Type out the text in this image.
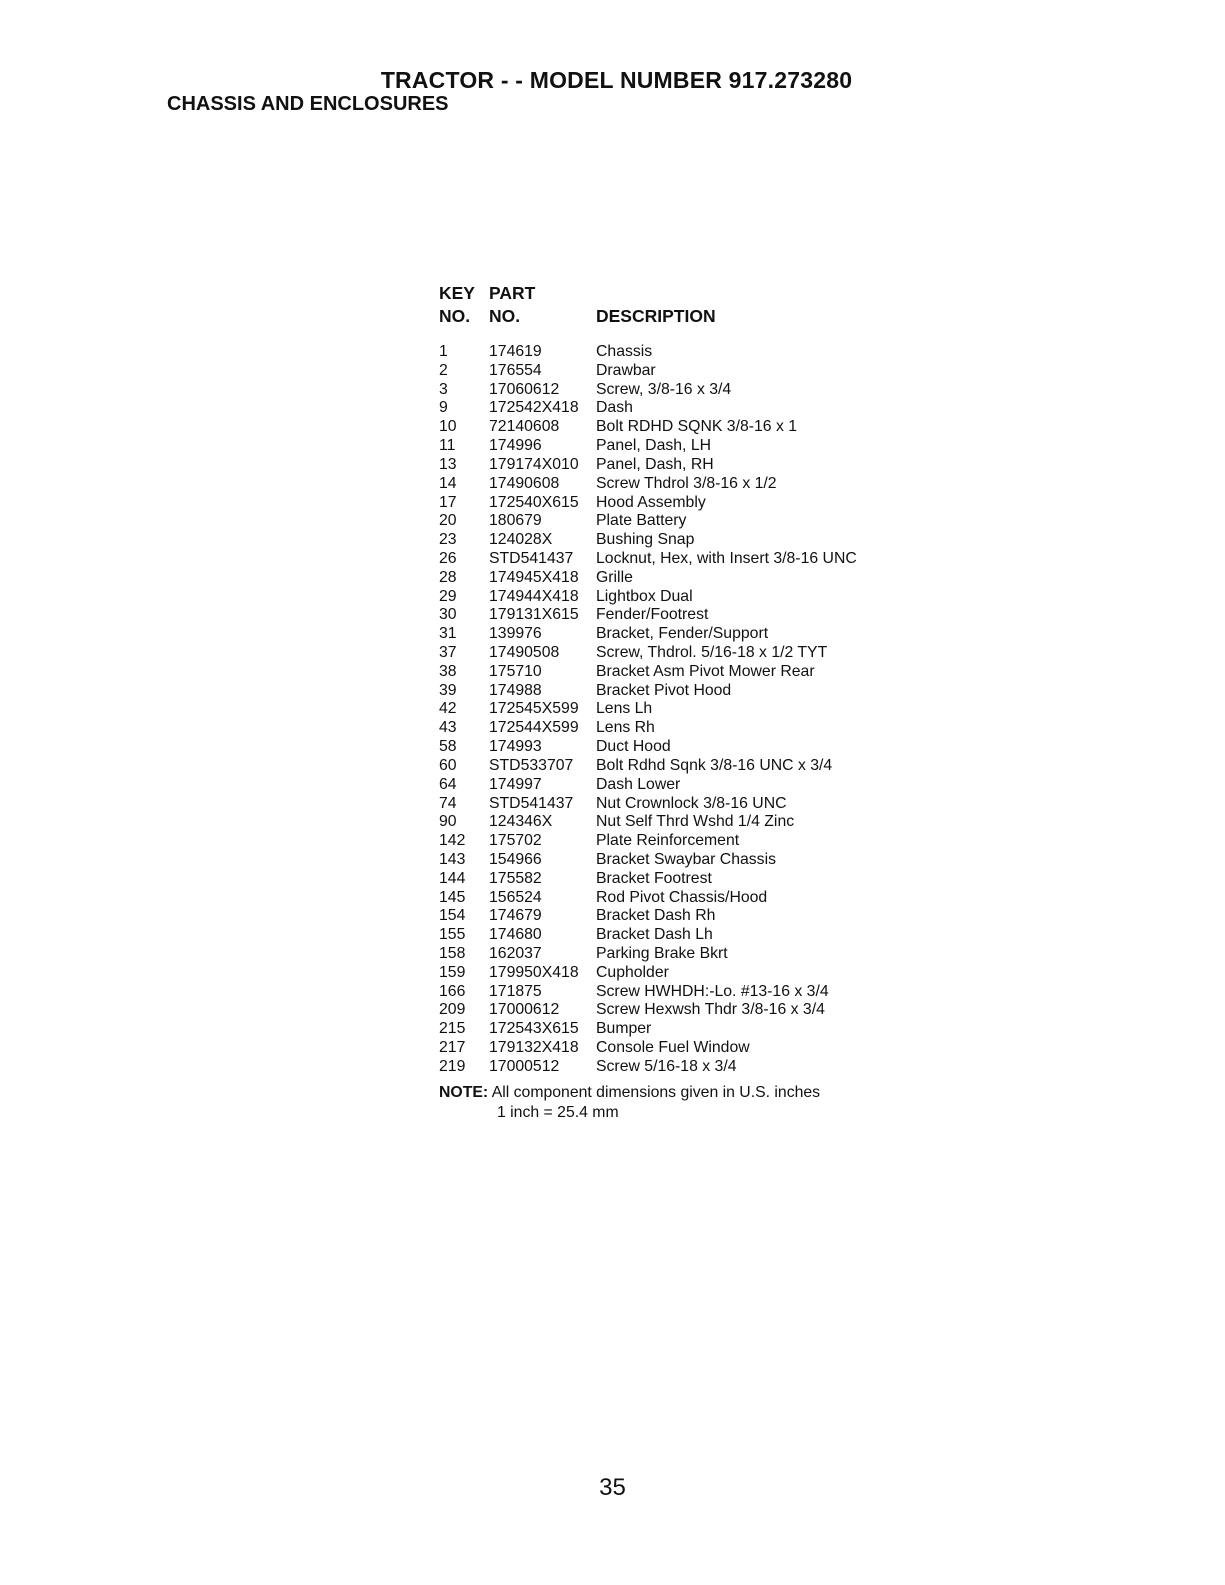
TRACTOR - - MODEL NUMBER 917.273280
CHASSIS AND ENCLOSURES
KEY PART
NO. NO.	DESCRIPTION
1	174619	Chassis
2	176554	Drawbar
3	17060612 Screw, 3/8-16 x 3/4
9	172542X418 Dash
10 72140608 Bolt RDHD SQNK 3/8-16 x 1
11 174996	Panel, Dash, LH
13 179174X010 Panel, Dash, RH
14 17490608 Screw Thdrol 3/8-16 x 1/2
17 172540X615 Hood Assembly
20 180679	Plate Battery
23 124028X	Bushing Snap
26 STD541437 Locknut, Hex, with Insert 3/8-16 UNC
28 174945X418 Grille
29 174944X418 Lightbox Dual
30 179131X615 Fender/Footrest
31 139976	Bracket, Fender/Support
37 17490508 Screw, Thdrol. 5/16-18 x 1/2 TYT
38 175710	Bracket Asm Pivot Mower Rear
39 174988	Bracket Pivot Hood
42 172545X599 Lens Lh
43 172544X599 Lens Rh
58 174993	Duct Hood
60 STD533707 Bolt Rdhd Sqnk 3/8-16 UNC x 3/4
64 174997	Dash Lower
74 STD541437 Nut Crownlock 3/8-16 UNC
90 124346X	Nut Self Thrd Wshd 1/4 Zinc
142 175702	Plate Reinforcement
143 154966	Bracket Swaybar Chassis
144 175582	Bracket Footrest
145 156524	Rod Pivot Chassis/Hood
154 174679	Bracket Dash Rh
155 174680	Bracket Dash Lh
158 162037	Parking Brake Bkrt
159 179950X418 Cupholder
166 171875	Screw HWHDH:-Lo. #13-16 x 3/4
209 17000612 Screw Hexwsh Thdr 3/8-16 x 3/4
215 172543X615 Bumper
217 179132X418 Console Fuel Window
219 17000512 Screw 5/16-18 x 3/4
NOTE: All component dimensions given in U.S. inches
1 inch = 25.4 mm
35
